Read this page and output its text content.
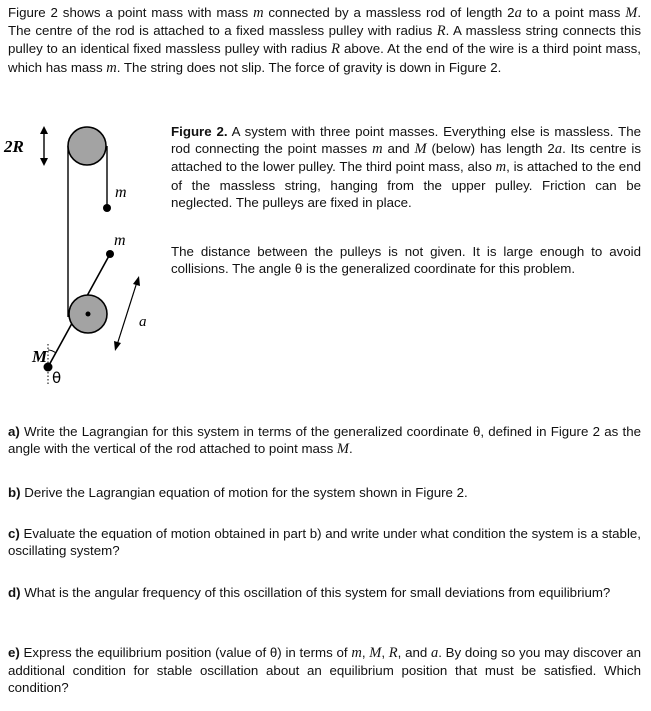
Figure 2 shows a point mass with mass m connected by a massless rod of length 2a to a point mass M. The centre of the rod is attached to a fixed massless pulley with radius R. A massless string connects this pulley to an identical fixed massless pulley with radius R above. At the end of the wire is a third point mass, which has mass m. The string does not slip. The force of gravity is down in Figure 2.
2R
m
m
a
M
θ
Figure 2. A system with three point masses. Everything else is massless. The rod connecting the point masses m and M (below) has length 2a. Its centre is attached to the lower pulley. The third point mass, also m, is attached to the end of the massless string, hanging from the upper pulley. Friction can be neglected. The pulleys are fixed in place.
The distance between the pulleys is not given. It is large enough to avoid collisions. The angle θ is the generalized coordinate for this problem.
a) Write the Lagrangian for this system in terms of the generalized coordinate θ, defined in Figure 2 as the angle with the vertical of the rod attached to point mass M.
b) Derive the Lagrangian equation of motion for the system shown in Figure 2.
c) Evaluate the equation of motion obtained in part b) and write under what condition the system is a stable, oscillating system?
d) What is the angular frequency of this oscillation of this system for small deviations from equilibrium?
e) Express the equilibrium position (value of θ) in terms of m, M, R, and a. By doing so you may discover an additional condition for stable oscillation about an equilibrium position that must be satisfied. Which condition?
